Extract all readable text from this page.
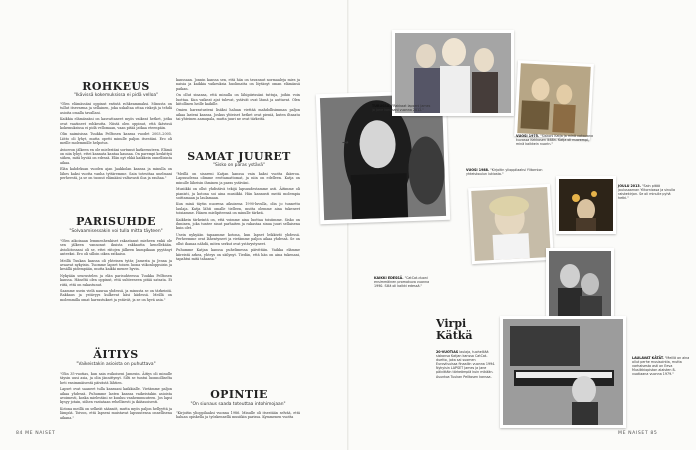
ROHKEUS
"Ikävissä kokemuksissa ei pidä velloa"

"Olen elämässäni oppinut entistä rohkeammaksi. Minusta on tullut itsevarma ja sellainen, joka uskaltaa ottaa riskejä ja tehdä asioita omalla tavallani.

Kaikkia elämässäni on kasvattaneet myös vaikeat hetket, jotka ovat vaatineet rohkeutta. Niistä olen oppinut, että ikävissä kokemuksissa ei pidä vellomaan, vaan pitää jatkaa eteenpäin.

Olin naimisissa Tuukka Pelltosen kanssa vuodet 2003–2005. Liitto oli lyhyt, mutta opetti minulle paljon itsestäni. Ero oli meille molemmille helpotus.

Avioeron jälkeen en ole mielestäni sortunut katkeruuteen. Elämä on niin lyhyt, ettei kannata kantaa kaunaa. On parempi keskittyä siihen, mitä hyvää on edessä. Elän nyt ehkä kaikkein onnellisinta aikaa.

Elän kahdeksan vuoden ajan Jaakkolan kanssa ja minulla on lähes kaksi vuotta vanha tyttäremme. Sain toteuttaa unelmani perheestä, ja se on tuonut elämääni valtavasti iloa ja rauhaa."

PARISUHDE
"Solvaamisessakin voi tulla mitta täyteen"

"Olen aikoinaan lemmenhenkiset rakastanut mieheen enkä ole sen jälkeen vannonut ikuista rakkautta kenellekään. Avioliitossani oli se, ettei riitojen jälkeen kumpikaan pyytänyt anteeksi. Ero oli silloin oikea ratkaisu.

Meillä Tuukan kanssa oli yhteinen tytär, Jamesta ja Jenna ja avaavat nykyisin. Tuomme lapset toisen luona viikonloppuisin ja kesällä pidempään, mutta kaikki menee hyvin.

Nykyään seurustelen ja elän parisuhteessa Tuukka Pelltosen kanssa. Häneltä olen oppinut, että suhteeseen pitää satsata. Ei riitä, että on rakastunut.

Saamme usein vielä nauraa yhdessä, ja minusta se on tärkeintä. Rakkaus ja ystävyys kulkevat käsi kädessä. Meillä on molemmilla omat harrastukset ja ystävät, ja se on hyvä asia."

ÄITIYS
"Vaikeistakin asioista on puhuttava"

"Olin 35-vuotias, kun sain esikoiseni Jamesin. Äitiys oli minulle täysin uusi asia, ja olin jännittynyt. Silti se tuntui luonnolliselta heti ensimmäisestä päivästä lähtien.

Lapset ovat saaneet tulla kanssani kaikkialle. Vietämme paljon aikaa yhdessä. Puhumme lasten kanssa vaikeistakin asioista avoimesti, koska mielestäni se kuuluu vanhemmuuteen. Jos lapsi kysyy jotain, siihen vastataan rehellisesti ja ikätasoisesti.

Kotona meillä on selkeät säännöt, mutta myös paljon hellyyttä ja lämpöä. Toivon, että lapseni muistavat lapsuutensa onnellisena aikana."

84 ME NAISET

kanssaan. Jonnin kanssa sen, että hän on tavannut normaaleja mies ja naisia ja kaikkia vaikeuksia huolimatta on löytänyt oman elämänsä paikan.

On ollut sinansa, että minulla on lähipiirissäni tuttuja, joihin voin luottaa. Kun vaikeat ajat tulevat, ystävät ovat läsnä ja auttavat. Olen kiitollinen heille kaikille.

Omien harrastusteni lisäksi haluan viettää mahdollisimman paljon aikaa lasteni kanssa. Joskus yhteiset hetket ovat pieniä, kuten iltasatu tai yhteinen aamupala, mutta juuri ne ovat tärkeitä.

SAMAT JUURET
"Sisko on paras ystävä"

"Meillä on sisareni Katjan kanssa vain kaksi vuotta ikäeroa. Lapsuudessa olimme erottamattomat, ja niin on edelleen. Katja on minulle läheisin ihminen ja paras ystäväni.

Musiikki on ollut yhdistävä tekijä lapsuudestamme asti. Äitimme oli pianisti, ja kotona soi aina musiikki. Hän kannusti meitä molempia soittamaan ja laulamaan.

Kun minä täytin nuorena aikuisena 1990-luvulla, olin jo tunnettu laulaja. Katja lähti omalle tielleen, mutta olemme aina tukeneet toisiamme. Hänen mielipiteensä on minulle tärkeä.

Kaikkein tärkeintä on, että voimme aina luottaa toisiimme. Sisko on ihminen, joka tuntee sinut parhaiten ja rakastaa sinua juuri sellaisena kuin olet.

Usein nykyään tapaamme kotona, kun lapset leikkivät yhdessä. Perheemme ovat lähentyneet ja vietämme paljon aikaa yhdessä. Se on ollut ihanaa nähdä, miten serkut ovat ystävystyneet.

Puhumme Katjan kanssa puhelimessa päivittäin. Vaikka elämme kiireistä arkea, yhteys on säilynyt. Tiedän, että hän on aina tukenani, tapahtui mitä tahansa."

OPINTIE
"On siunaus saada toteuttaa intohimojaan"

"Kirjoitin ylioppilaaksi vuonna 1986. Minulle oli itsestään selvää, että haluan opiskella ja työskennellä musiikin parissa. Kymmenen vuotta

TURUSSA. "Rakkaat lapseni James ja Jane kanssani vuonna 2012."
VUOSI 1975. "Siskoni Katja ja minä vakavana kuvassa Kekkosen ikään. Katja oli nuorempi, minä kaikkein nuorin."
VUOSI 1988. "Kirjoitin ylioppilaaksi Ylitornion yhteiskoulun lukiosta."
JOULU 2013. "Sain pitää joulusaarnan Ylitorniossa ja sinulla raiskekirjon. Se oli minulle pyhä hetki."
KAIKKI EDESSÄ. "CatCat-duoni ensimmäinen promokuva vuonna 1990. Sillä oli kaikki edessä."
Virpi
Kätkä
20-VUOTIAS laulaja, tuohelliää siskonsa Katjan kanssa CatCat-duetto, joka sai suomen Euroviisuissa finaaliin vuonna 1994. Nykyisin LAPSET James ja Jane päivittäin tärkeämpiä kuin mikään. Asuntoa Tuukan Pelltosen kanssa.
LAULAVAT KÄTÄT. "Meillä on aina ollut perhe musisointia, mutta varhaisesta asti on Eeva Musiikkiopiston alaisten 8-vuotiaana vuonna 1979."
→
ME NAISET 85
